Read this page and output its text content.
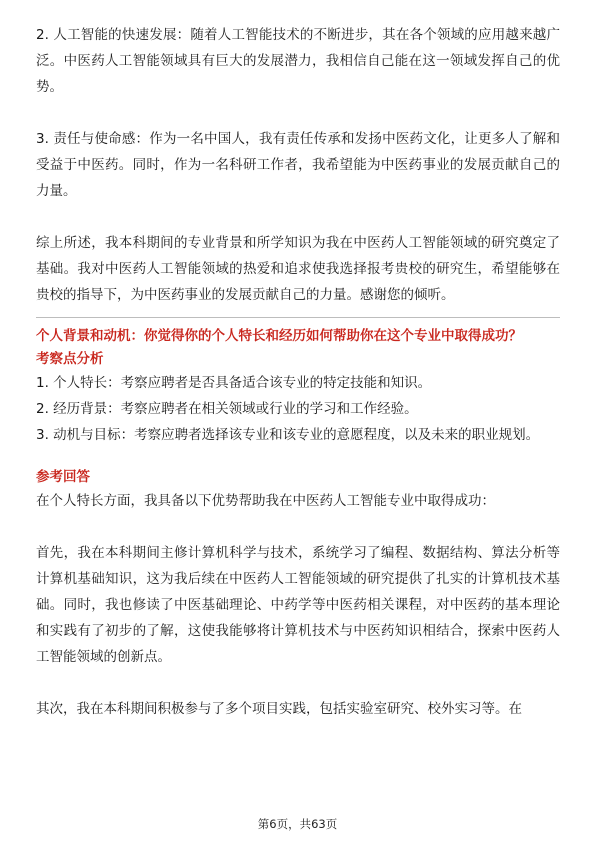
2. 人工智能的快速发展：随着人工智能技术的不断进步，其在各个领域的应用越来越广泛。中医药人工智能领域具有巨大的发展潜力，我相信自己能在这一领域发挥自己的优势。

3. 责任与使命感：作为一名中国人，我有责任传承和发扬中医药文化，让更多人了解和受益于中医药。同时，作为一名科研工作者，我希望能为中医药事业的发展贡献自己的力量。

综上所述，我本科期间的专业背景和所学知识为我在中医药人工智能领域的研究奠定了基础。我对中医药人工智能领域的热爱和追求使我选择报考贵校的研究生，希望能够在贵校的指导下，为中医药事业的发展贡献自己的力量。感谢您的倾听。

个人背景和动机：你觉得你的个人特长和经历如何帮助你在这个专业中取得成功？

考察点分析

1. 个人特长：考察应聘者是否具备适合该专业的特定技能和知识。

2. 经历背景：考察应聘者在相关领域或行业的学习和工作经验。

3. 动机与目标：考察应聘者选择该专业和该专业的意愿程度，以及未来的职业规划。

参考回答

在个人特长方面，我具备以下优势帮助我在中医药人工智能专业中取得成功：

首先，我在本科期间主修计算机科学与技术，系统学习了编程、数据结构、算法分析等计算机基础知识，这为我后续在中医药人工智能领域的研究提供了扎实的计算机技术基础。同时，我也修读了中医基础理论、中药学等中医药相关课程，对中医药的基本理论和实践有了初步的了解，这使我能够将计算机技术与中医药知识相结合，探索中医药人工智能领域的创新点。

其次，我在本科期间积极参与了多个项目实践，包括实验室研究、校外实习等。在

第6页，共63页
